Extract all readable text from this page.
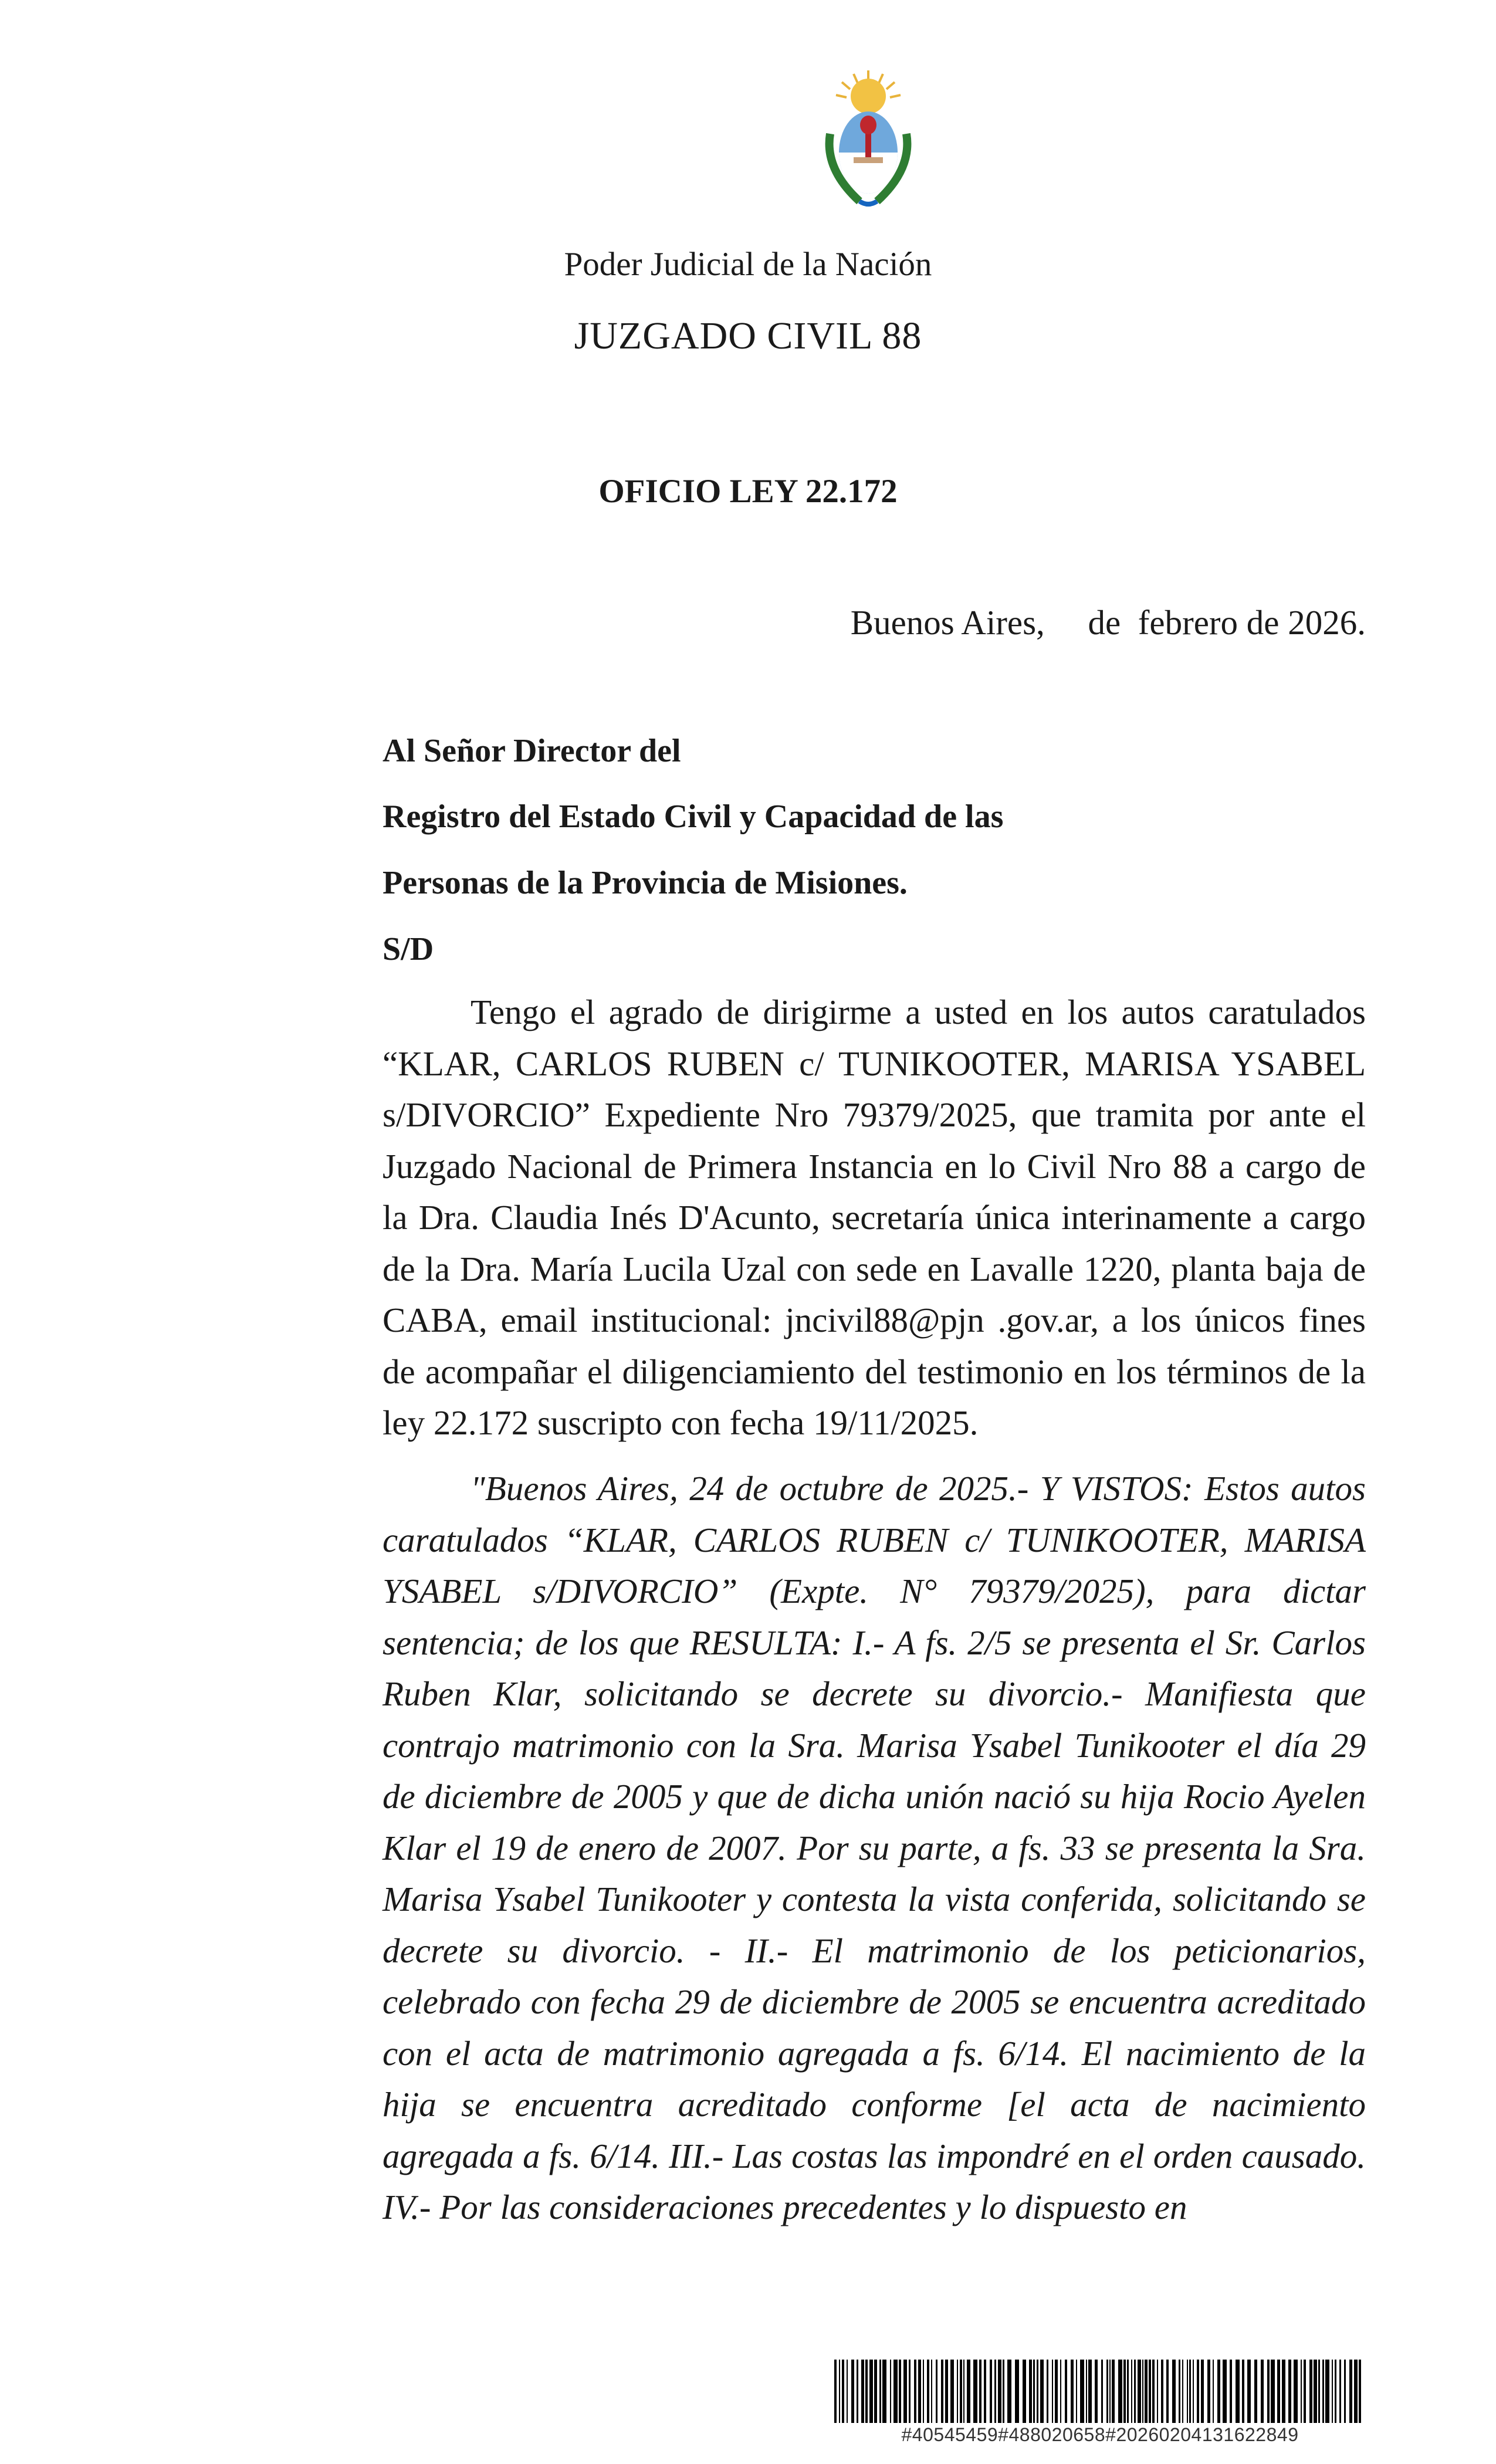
Poder Judicial de la Nación
JUZGADO CIVIL 88
OFICIO LEY 22.172
Buenos Aires,     de  febrero de 2026.
Al Señor Director del
Registro del Estado Civil y Capacidad de las
Personas de la Provincia de Misiones.
S/D

Tengo el agrado de dirigirme a usted en los autos caratulados “KLAR, CARLOS RUBEN c/ TUNIKOOTER, MARISA YSABEL s/DIVORCIO” Expediente Nro 79379/2025, que tramita por ante el Juzgado Nacional de Primera Instancia en lo Civil Nro 88 a cargo de la Dra. Claudia Inés D'Acunto, secretaría única interinamente a cargo de la Dra. María Lucila Uzal con sede en Lavalle 1220, planta baja de CABA, email institucional: jncivil88@pjn .gov.ar, a los únicos fines de acompañar el diligenciamiento del testimonio en los términos de la ley 22.172 suscripto con fecha 19/11/2025.

"Buenos Aires, 24 de octubre de 2025.- Y VISTOS: Estos autos caratulados “KLAR, CARLOS RUBEN c/ TUNIKOOTER, MARISA YSABEL s/DIVORCIO” (Expte. N° 79379/2025), para dictar sentencia; de los que RESULTA: I.- A fs. 2/5 se presenta el Sr. Carlos Ruben Klar, solicitando se decrete su divorcio.- Manifiesta que contrajo matrimonio con la Sra. Marisa Ysabel Tunikooter el día 29 de diciembre de 2005 y que de dicha unión nació su hija Rocio Ayelen Klar el 19 de enero de 2007. Por su parte, a fs. 33 se presenta la Sra. Marisa Ysabel Tunikooter y contesta la vista conferida, solicitando se decrete su divorcio. - II.- El matrimonio de los peticionarios, celebrado con fecha 29 de diciembre de 2005 se encuentra acreditado con el acta de matrimonio agregada a fs. 6/14. El nacimiento de la hija se encuentra acreditado conforme [el acta de nacimiento agregada a fs. 6/14. III.- Las costas las impondré en el orden causado. IV.- Por las consideraciones precedentes y lo dispuesto en

#40545459#488020658#20260204131622849
